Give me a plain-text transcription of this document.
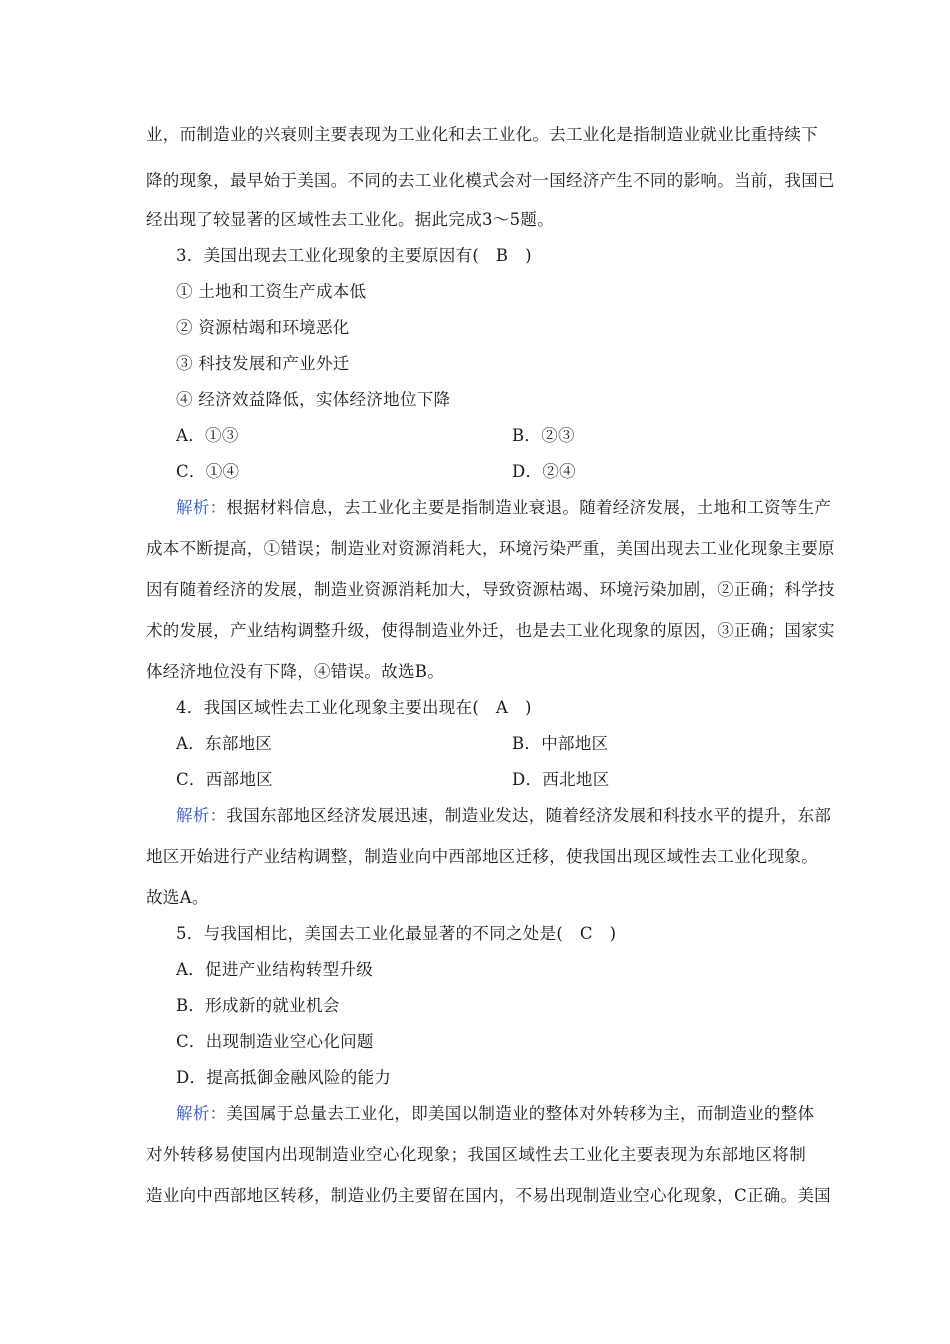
业，而制造业的兴衰则主要表现为工业化和去工业化。去工业化是指制造业就业比重持续下
降的现象，最早始于美国。不同的去工业化模式会对一国经济产生不同的影响。当前，我国已
经出现了较显著的区域性去工业化。据此完成3～5题。
3．美国出现去工业化现象的主要原因有(　B　)
① 土地和工资生产成本低
② 资源枯竭和环境恶化
③ 科技发展和产业外迁
④ 经济效益降低，实体经济地位下降
A．①③	B．②③
C．①④	D．②④
解析：根据材料信息，去工业化主要是指制造业衰退。随着经济发展，土地和工资等生产
成本不断提高，①错误；制造业对资源消耗大，环境污染严重，美国出现去工业化现象主要原
因有随着经济的发展，制造业资源消耗加大，导致资源枯竭、环境污染加剧，②正确；科学技
术的发展，产业结构调整升级，使得制造业外迁，也是去工业化现象的原因，③正确；国家实
体经济地位没有下降，④错误。故选B。
4．我国区域性去工业化现象主要出现在(　A　)
A．东部地区	B．中部地区
C．西部地区	D．西北地区
解析：我国东部地区经济发展迅速，制造业发达，随着经济发展和科技水平的提升，东部
地区开始进行产业结构调整，制造业向中西部地区迁移，使我国出现区域性去工业化现象。
故选A。
5．与我国相比，美国去工业化最显著的不同之处是(　C　)
A．促进产业结构转型升级
B．形成新的就业机会
C．出现制造业空心化问题
D．提高抵御金融风险的能力
解析：美国属于总量去工业化，即美国以制造业的整体对外转移为主，而制造业的整体
对外转移易使国内出现制造业空心化现象；我国区域性去工业化主要表现为东部地区将制
造业向中西部地区转移，制造业仍主要留在国内，不易出现制造业空心化现象，C正确。美国
